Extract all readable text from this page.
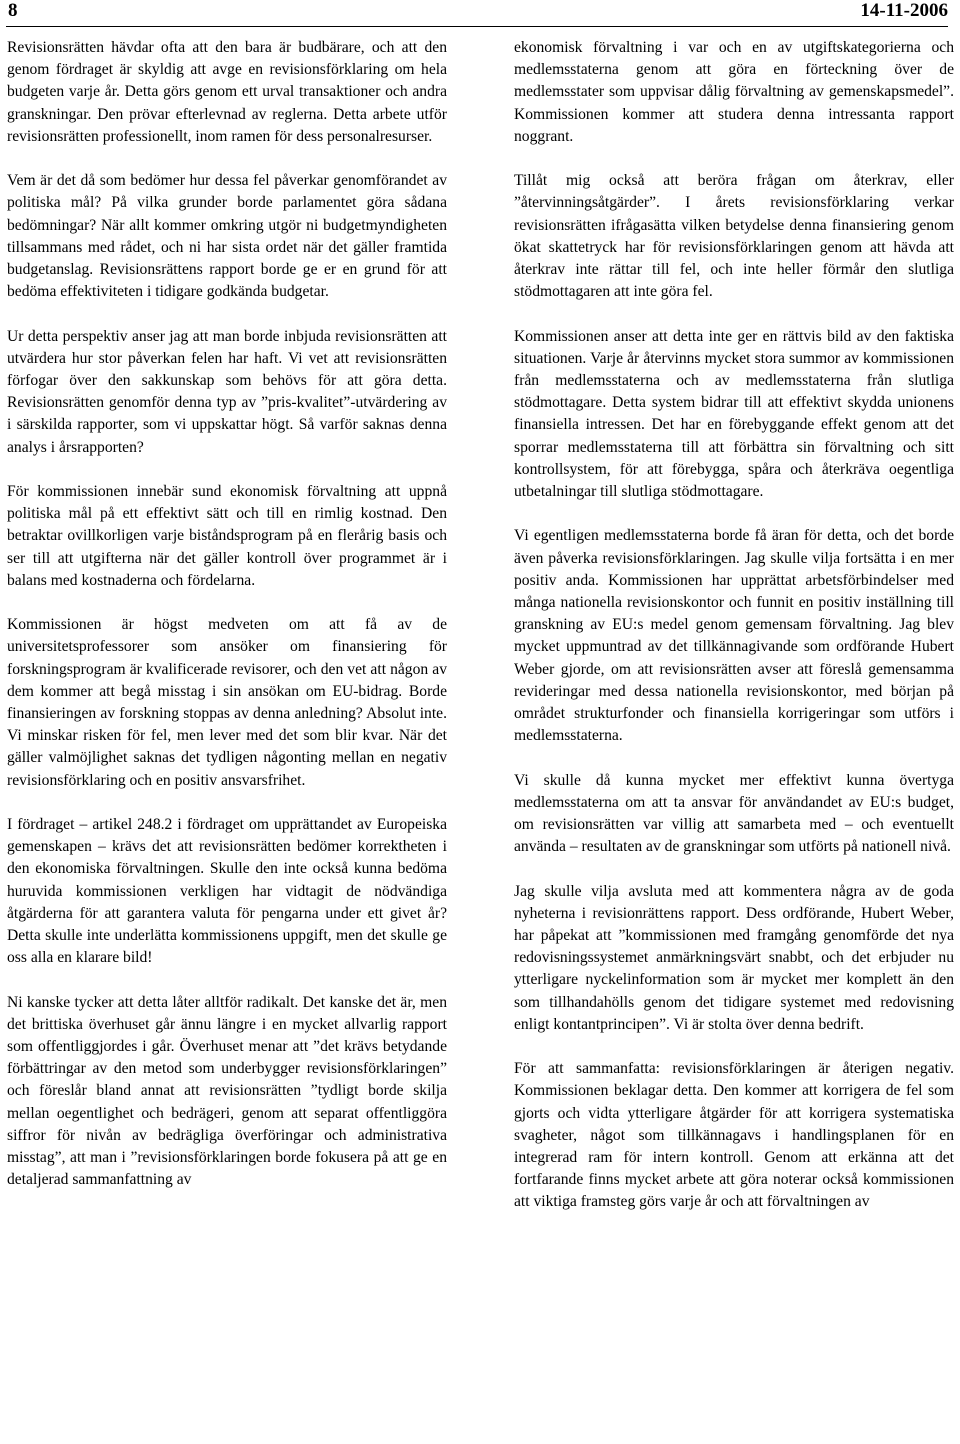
8	14-11-2006

Revisionsrätten hävdar ofta att den bara är budbärare, och att den genom fördraget är skyldig att avge en revisionsförklaring om hela budgeten varje år. Detta görs genom ett urval transaktioner och andra granskningar. Den prövar efterlevnad av reglerna. Detta arbete utför revisionsrätten professionellt, inom ramen för dess personalresurser.

Vem är det då som bedömer hur dessa fel påverkar genomförandet av politiska mål? På vilka grunder borde parlamentet göra sådana bedömningar? När allt kommer omkring utgör ni budgetmyndigheten tillsammans med rådet, och ni har sista ordet när det gäller framtida budgetanslag. Revisionsrättens rapport borde ge er en grund för att bedöma effektiviteten i tidigare godkända budgetar.

Ur detta perspektiv anser jag att man borde inbjuda revisionsrätten att utvärdera hur stor påverkan felen har haft. Vi vet att revisionsrätten förfogar över den sakkunskap som behövs för att göra detta. Revisionsrätten genomför denna typ av ”pris-kvalitet”-utvärdering av i särskilda rapporter, som vi uppskattar högt. Så varför saknas denna analys i årsrapporten?

För kommissionen innebär sund ekonomisk förvaltning att uppnå politiska mål på ett effektivt sätt och till en rimlig kostnad. Den betraktar ovillkorligen varje biståndsprogram på en flerårig basis och ser till att utgifterna när det gäller kontroll över programmet är i balans med kostnaderna och fördelarna.

Kommissionen är högst medveten om att få av de universitetsprofessorer som ansöker om finansiering för forskningsprogram är kvalificerade revisorer, och den vet att någon av dem kommer att begå misstag i sin ansökan om EU-bidrag. Borde finansieringen av forskning stoppas av denna anledning? Absolut inte. Vi minskar risken för fel, men lever med det som blir kvar. När det gäller valmöjlighet saknas det tydligen någonting mellan en negativ revisionsförklaring och en positiv ansvarsfrihet.

I fördraget – artikel 248.2 i fördraget om upprättandet av Europeiska gemenskapen – krävs det att revisionsrätten bedömer korrektheten i den ekonomiska förvaltningen. Skulle den inte också kunna bedöma huruvida kommissionen verkligen har vidtagit de nödvändiga åtgärderna för att garantera valuta för pengarna under ett givet år? Detta skulle inte underlätta kommissionens uppgift, men det skulle ge oss alla en klarare bild!

Ni kanske tycker att detta låter alltför radikalt. Det kanske det är, men det brittiska överhuset går ännu längre i en mycket allvarlig rapport som offentliggjordes i går. Överhuset menar att ”det krävs betydande förbättringar av den metod som underbygger revisionsförklaringen” och föreslår bland annat att revisionsrätten ”tydligt borde skilja mellan oegentlighet och bedrägeri, genom att separat offentliggöra siffror för nivån av bedrägliga överföringar och administrativa misstag”, att man i ”revisionsförklaringen borde fokusera på att ge en detaljerad sammanfattning av

ekonomisk förvaltning i var och en av utgiftskategorierna och medlemsstaterna genom att göra en förteckning över de medlemsstater som uppvisar dålig förvaltning av gemenskapsmedel”. Kommissionen kommer att studera denna intressanta rapport noggrant.

Tillåt mig också att beröra frågan om återkrav, eller ”återvinningsåtgärder”. I årets revisionsförklaring verkar revisionsrätten ifrågasätta vilken betydelse denna finansiering genom ökat skattetryck har för revisionsförklaringen genom att hävda att återkrav inte rättar till fel, och inte heller förmår den slutliga stödmottagaren att inte göra fel.

Kommissionen anser att detta inte ger en rättvis bild av den faktiska situationen. Varje år återvinns mycket stora summor av kommissionen från medlemsstaterna och av medlemsstaterna från slutliga stödmottagare. Detta system bidrar till att effektivt skydda unionens finansiella intressen. Det har en förebyggande effekt genom att det sporrar medlemsstaterna till att förbättra sin förvaltning och sitt kontrollsystem, för att förebygga, spåra och återkräva oegentliga utbetalningar till slutliga stödmottagare.

Vi egentligen medlemsstaterna borde få äran för detta, och det borde även påverka revisionsförklaringen. Jag skulle vilja fortsätta i en mer positiv anda. Kommissionen har upprättat arbetsförbindelser med många nationella revisionskontor och funnit en positiv inställning till granskning av EU:s medel genom gemensam förvaltning. Jag blev mycket uppmuntrad av det tillkännagivande som ordförande Hubert Weber gjorde, om att revisionsrätten avser att föreslå gemensamma revideringar med dessa nationella revisionskontor, med början på området strukturfonder och finansiella korrigeringar som utförs i medlemsstaterna.

Vi skulle då kunna mycket mer effektivt kunna övertyga medlemsstaterna om att ta ansvar för användandet av EU:s budget, om revisionsrätten var villig att samarbeta med – och eventuellt använda – resultaten av de granskningar som utförts på nationell nivå.

Jag skulle vilja avsluta med att kommentera några av de goda nyheterna i revisionrättens rapport. Dess ordförande, Hubert Weber, har påpekat att ”kommissionen med framgång genomförde det nya redovisningssystemet anmärkningsvärt snabbt, och det erbjuder nu ytterligare nyckelinformation som är mycket mer komplett än den som tillhandahölls genom det tidigare systemet med redovisning enligt kontantprincipen”. Vi är stolta över denna bedrift.

För att sammanfatta: revisionsförklaringen är återigen negativ. Kommissionen beklagar detta. Den kommer att korrigera de fel som gjorts och vidta ytterligare åtgärder för att korrigera systematiska svagheter, något som tillkännagavs i handlingsplanen för en integrerad ram för intern kontroll. Genom att erkänna att det fortfarande finns mycket arbete att göra noterar också kommissionen att viktiga framsteg görs varje år och att förvaltningen av
